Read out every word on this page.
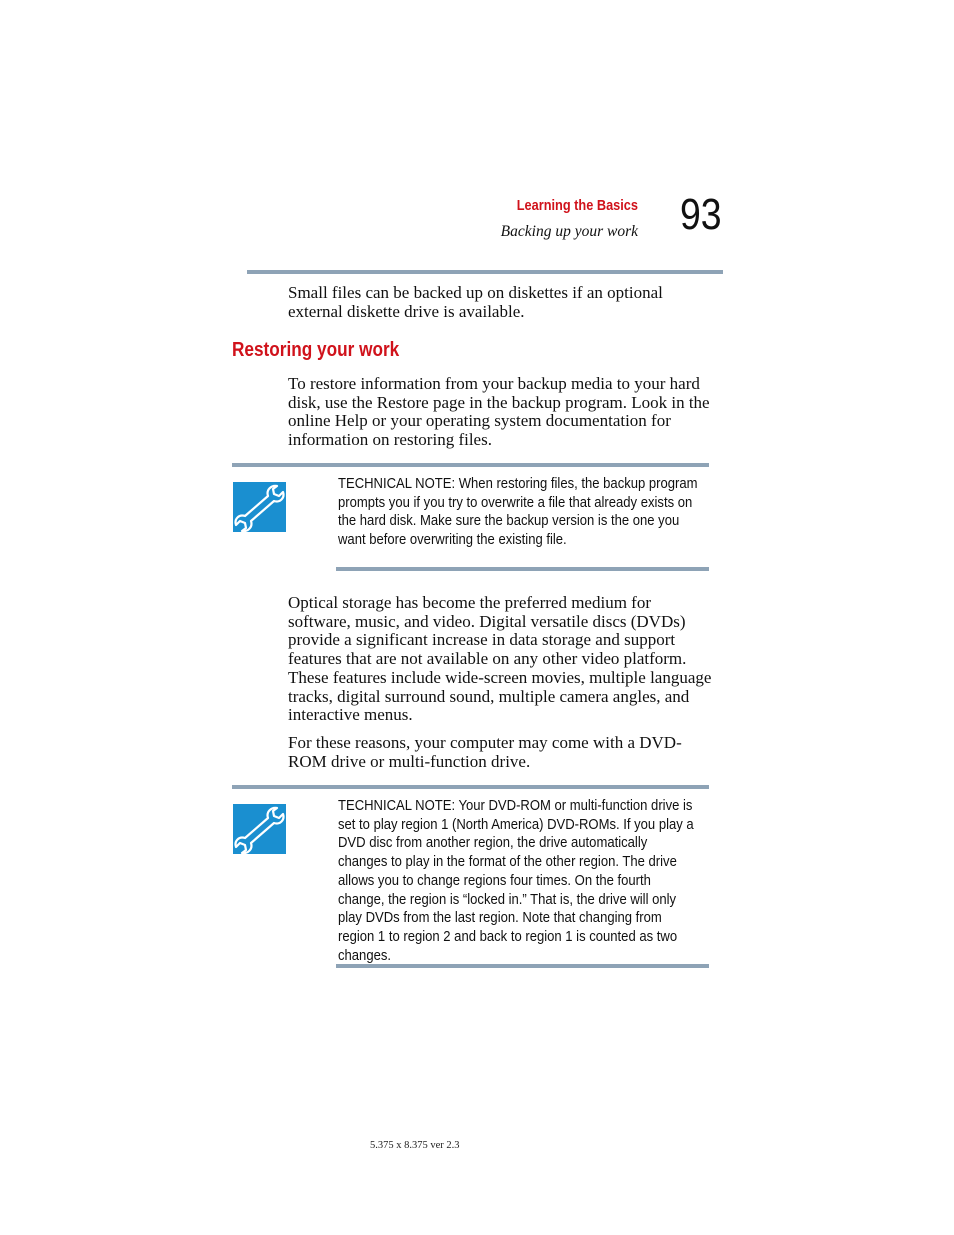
Learning the Basics
Backing up your work 93
Small files can be backed up on diskettes if an optional external diskette drive is available.
Restoring your work
To restore information from your backup media to your hard disk, use the Restore page in the backup program. Look in the online Help or your operating system documentation for information on restoring files.
TECHNICAL NOTE: When restoring files, the backup program prompts you if you try to overwrite a file that already exists on the hard disk. Make sure the backup version is the one you want before overwriting the existing file.
Optical storage has become the preferred medium for software, music, and video. Digital versatile discs (DVDs) provide a significant increase in data storage and support features that are not available on any other video platform. These features include wide-screen movies, multiple language tracks, digital surround sound, multiple camera angles, and interactive menus.
For these reasons, your computer may come with a DVD-ROM drive or multi-function drive.
TECHNICAL NOTE: Your DVD-ROM or multi-function drive is set to play region 1 (North America) DVD-ROMs. If you play a DVD disc from another region, the drive automatically changes to play in the format of the other region. The drive allows you to change regions four times. On the fourth change, the region is “locked in.” That is, the drive will only play DVDs from the last region. Note that changing from region 1 to region 2 and back to region 1 is counted as two changes.
5.375 x 8.375 ver 2.3
